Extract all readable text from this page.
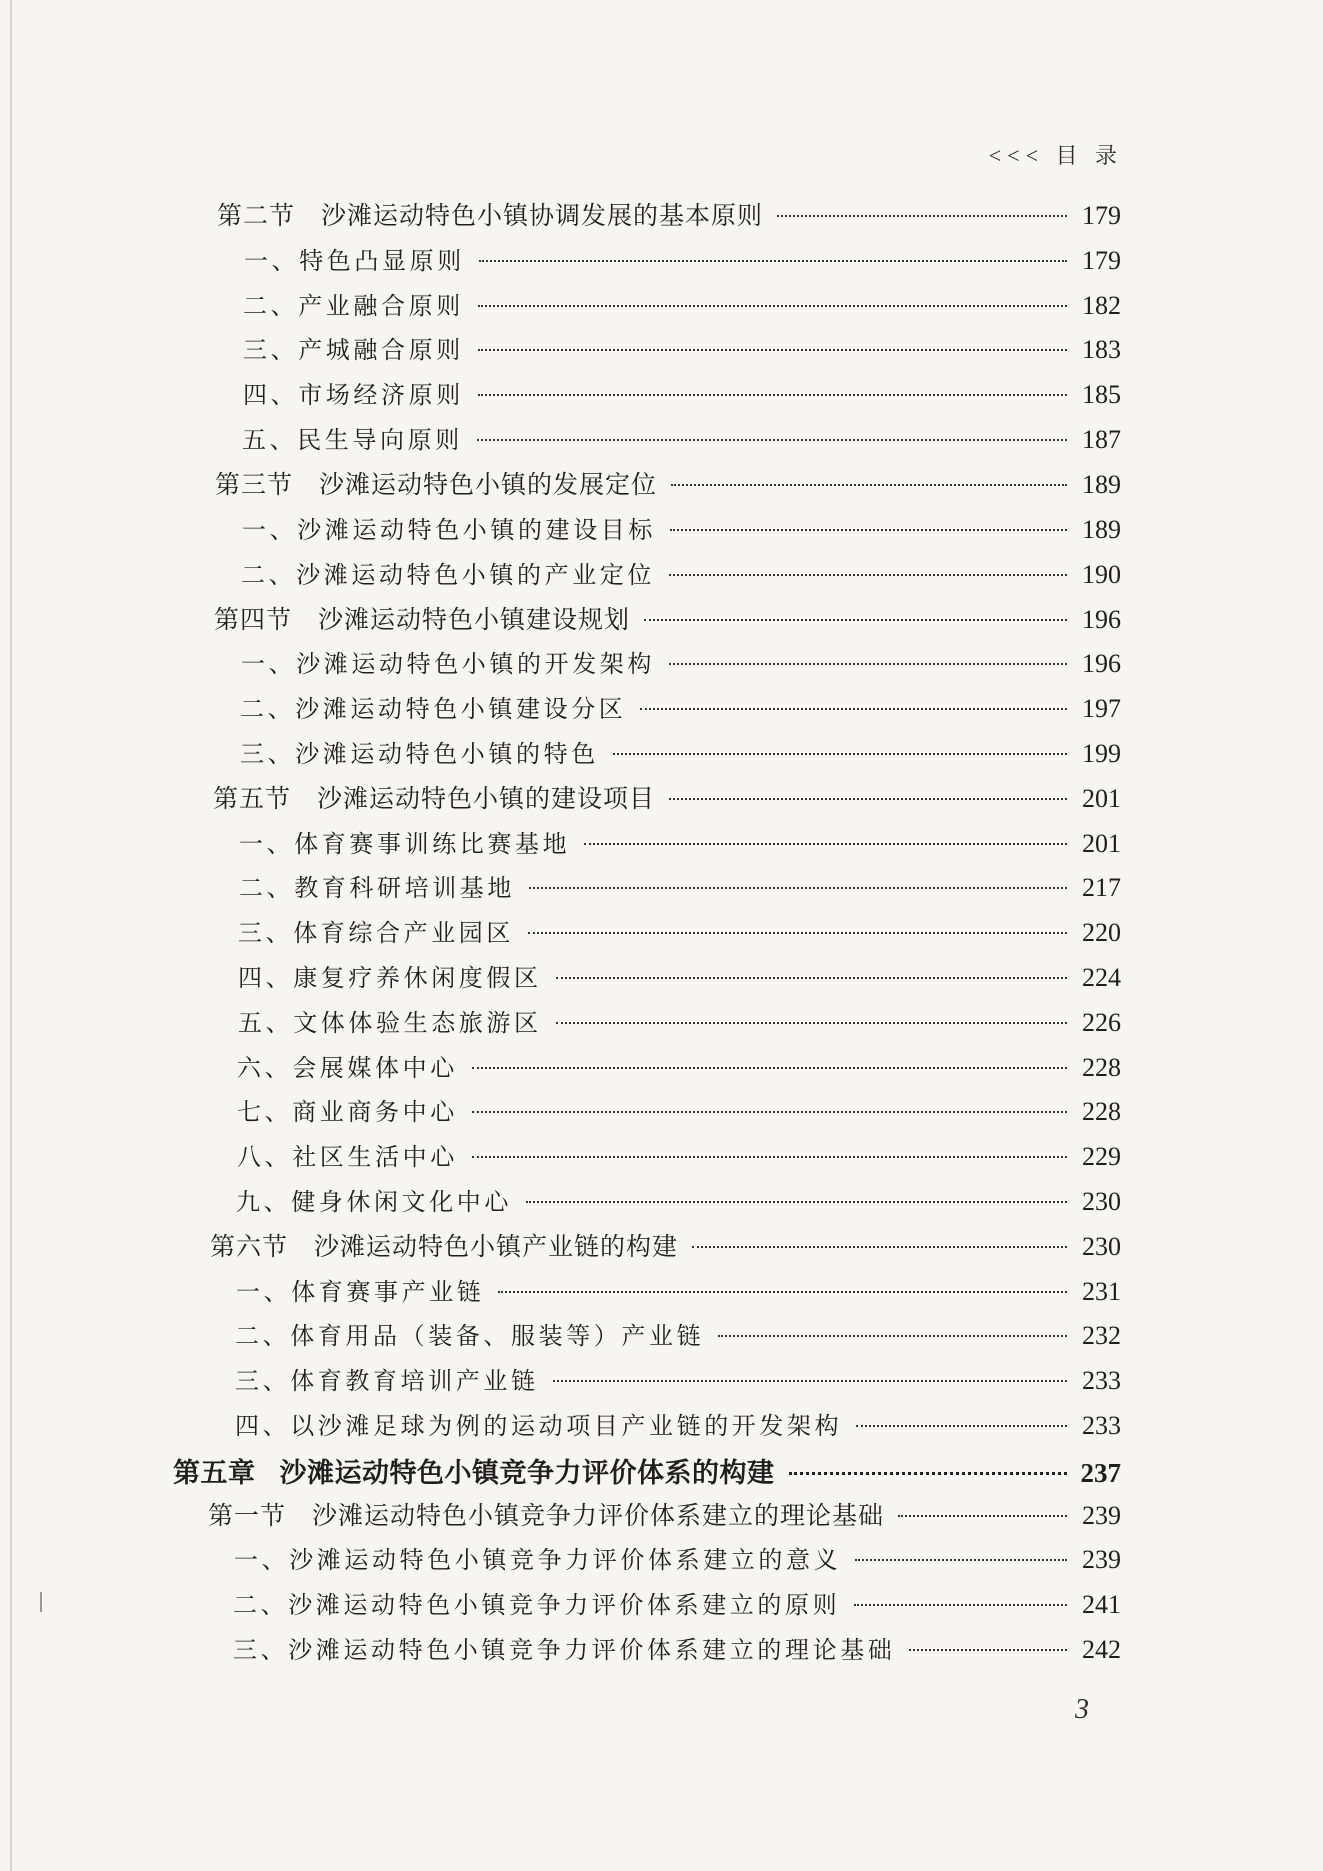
<<< 目 录
第二节 沙滩运动特色小镇协调发展的基本原则	179
一、特色凸显原则	179
二、产业融合原则	182
三、产城融合原则	183
四、市场经济原则	185
五、民生导向原则	187
第三节 沙滩运动特色小镇的发展定位	189
一、沙滩运动特色小镇的建设目标	189
二、沙滩运动特色小镇的产业定位	190
第四节 沙滩运动特色小镇建设规划	196
一、沙滩运动特色小镇的开发架构	196
二、沙滩运动特色小镇建设分区	197
三、沙滩运动特色小镇的特色	199
第五节 沙滩运动特色小镇的建设项目	201
一、体育赛事训练比赛基地	201
二、教育科研培训基地	217
三、体育综合产业园区	220
四、康复疗养休闲度假区	224
五、文体体验生态旅游区	226
六、会展媒体中心	228
七、商业商务中心	228
八、社区生活中心	229
九、健身休闲文化中心	230
第六节 沙滩运动特色小镇产业链的构建	230
一、体育赛事产业链	231
二、体育用品（装备、服装等）产业链	232
三、体育教育培训产业链	233
四、以沙滩足球为例的运动项目产业链的开发架构	233
第五章 沙滩运动特色小镇竞争力评价体系的构建	237
第一节 沙滩运动特色小镇竞争力评价体系建立的理论基础	239
一、沙滩运动特色小镇竞争力评价体系建立的意义	239
二、沙滩运动特色小镇竞争力评价体系建立的原则	241
三、沙滩运动特色小镇竞争力评价体系建立的理论基础	242
3
